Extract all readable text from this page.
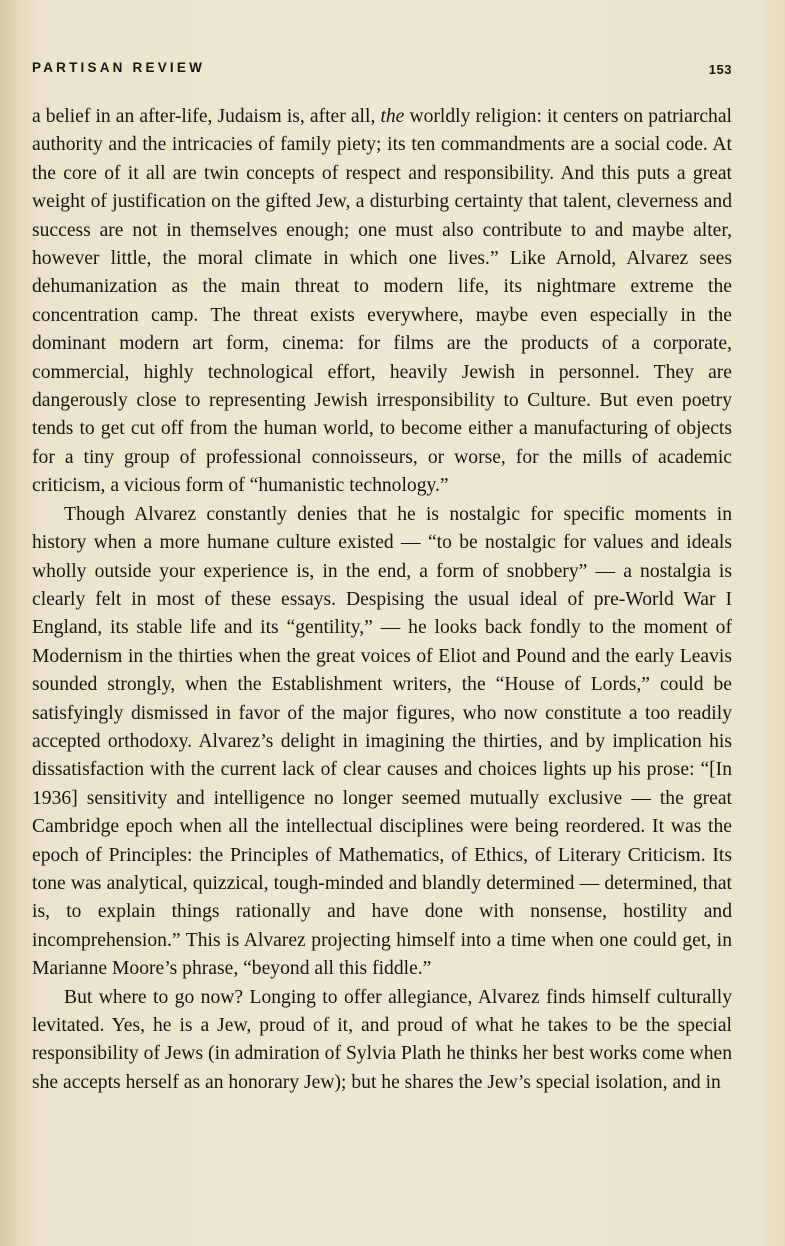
PARTISAN REVIEW	153

a belief in an after-life, Judaism is, after all, the worldly religion: it centers on patriarchal authority and the intricacies of family piety; its ten commandments are a social code. At the core of it all are twin concepts of respect and responsibility. And this puts a great weight of justification on the gifted Jew, a disturbing certainty that talent, cleverness and success are not in themselves enough; one must also contribute to and maybe alter, however little, the moral climate in which one lives.” Like Arnold, Alvarez sees dehumanization as the main threat to modern life, its nightmare extreme the concentration camp. The threat exists everywhere, maybe even especially in the dominant modern art form, cinema: for films are the products of a corporate, commercial, highly technological effort, heavily Jewish in personnel. They are dangerously close to representing Jewish irresponsibility to Culture. But even poetry tends to get cut off from the human world, to become either a manufacturing of objects for a tiny group of professional connoisseurs, or worse, for the mills of academic criticism, a vicious form of “humanistic technology.”

Though Alvarez constantly denies that he is nostalgic for specific moments in history when a more humane culture existed — “to be nostalgic for values and ideals wholly outside your experience is, in the end, a form of snobbery” — a nostalgia is clearly felt in most of these essays. Despising the usual ideal of pre-World War I England, its stable life and its “gentility,” — he looks back fondly to the moment of Modernism in the thirties when the great voices of Eliot and Pound and the early Leavis sounded strongly, when the Establishment writers, the “House of Lords,” could be satisfyingly dismissed in favor of the major figures, who now constitute a too readily accepted orthodoxy. Alvarez’s delight in imagining the thirties, and by implication his dissatisfaction with the current lack of clear causes and choices lights up his prose: “[In 1936] sensitivity and intelligence no longer seemed mutually exclusive — the great Cambridge epoch when all the intellectual disciplines were being reordered. It was the epoch of Principles: the Principles of Mathematics, of Ethics, of Literary Criticism. Its tone was analytical, quizzical, tough-minded and blandly determined — determined, that is, to explain things rationally and have done with nonsense, hostility and incomprehension.” This is Alvarez projecting himself into a time when one could get, in Marianne Moore’s phrase, “beyond all this fiddle.”

But where to go now? Longing to offer allegiance, Alvarez finds himself culturally levitated. Yes, he is a Jew, proud of it, and proud of what he takes to be the special responsibility of Jews (in admiration of Sylvia Plath he thinks her best works come when she accepts herself as an honorary Jew); but he shares the Jew’s special isolation, and in
